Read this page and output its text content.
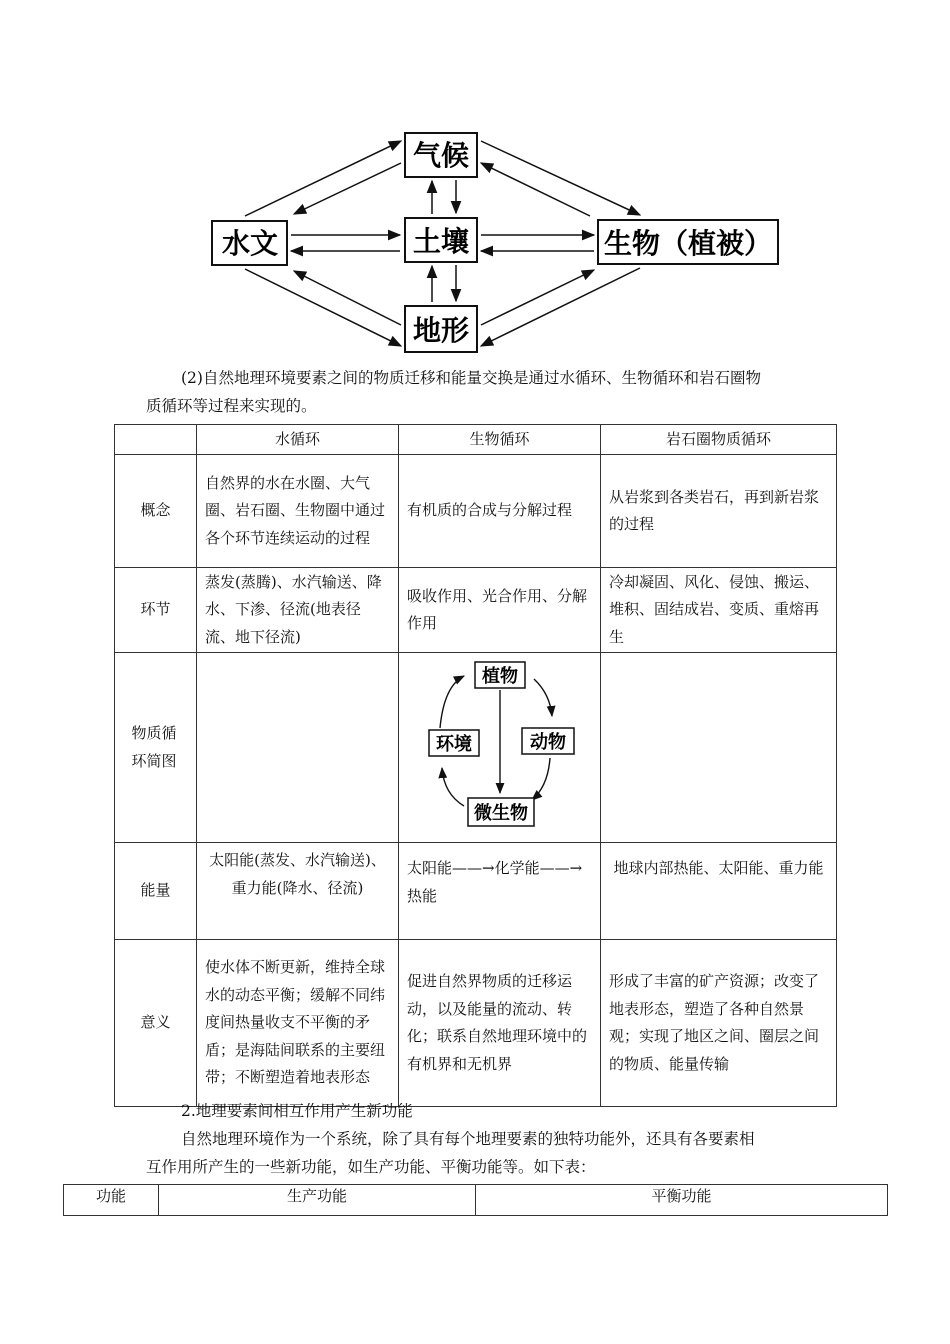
气候
水文	土壤	生物（植被）
地形
(2)自然地理环境要素之间的物质迁移和能量交换是通过水循环、生物循环和岩石圈物
质循环等过程来实现的。
	水循环	生物循环	岩石圈物质循环
概念	自然界的水在水圈、大气圈、岩石圈、生物圈中通过各个环节连续运动的过程	有机质的合成与分解过程	从岩浆到各类岩石，再到新岩浆的过程
环节	蒸发(蒸腾)、水汽输送、降水、下渗、径流(地表径流、地下径流)	吸收作用、光合作用、分解作用	冷却凝固、风化、侵蚀、搬运、堆积、固结成岩、变质、重熔再生
物质循环简图		植物
动物
微生物
环境	

能量	太阳能(蒸发、水汽输送)、重力能(降水、径流)	太阳能——→化学能——→热能	地球内部热能、太阳能、重力能
意义	使水体不断更新，维持全球水的动态平衡；缓解不同纬度间热量收支不平衡的矛盾；是海陆间联系的主要纽带；不断塑造着地表形态	促进自然界物质的迁移运动，以及能量的流动、转化；联系自然地理环境中的有机界和无机界	形成了丰富的矿产资源；改变了地表形态，塑造了各种自然景观；实现了地区之间、圈层之间的物质、能量传输
2.地理要素间相互作用产生新功能
自然地理环境作为一个系统，除了具有每个地理要素的独特功能外，还具有各要素相
互作用所产生的一些新功能，如生产功能、平衡功能等。如下表：
功能	生产功能	平衡功能
